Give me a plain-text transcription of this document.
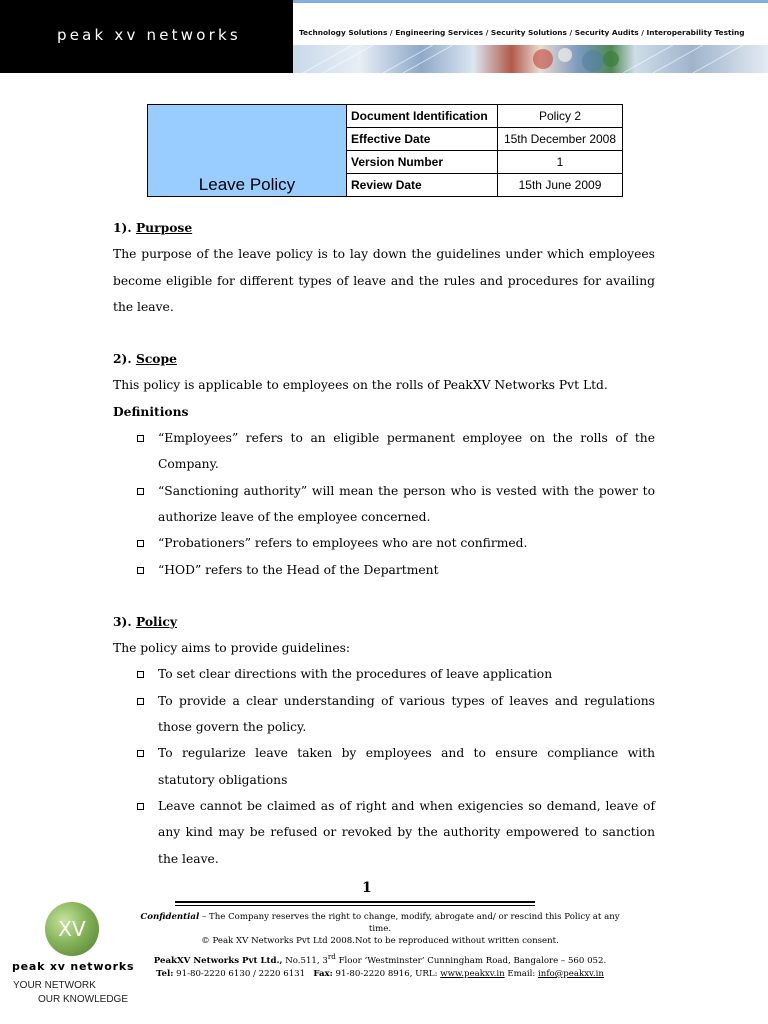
peak xv networks	Technology Solutions / Engineering Services / Security Solutions / Security Audits / Interoperability Testing
Leave Policy	Document Identification	Policy 2
	Effective Date	15th December 2008
	Version Number	1
	Review Date	15th June 2009

1). Purpose

The purpose of the leave policy is to lay down the guidelines under which employees become eligible for different types of leave and the rules and procedures for availing the leave.

2). Scope

This policy is applicable to employees on the rolls of PeakXV Networks Pvt Ltd.

Definitions

“Employees” refers to an eligible permanent employee on the rolls of the Company.
“Sanctioning authority” will mean the person who is vested with the power to authorize leave of the employee concerned.
“Probationers” refers to employees who are not confirmed.
“HOD” refers to the Head of the Department

3). Policy

The policy aims to provide guidelines:

To set clear directions with the procedures of leave application
To provide a clear understanding of various types of leaves and regulations those govern the policy.
To regularize leave taken by employees and to ensure compliance with statutory obligations
Leave cannot be claimed as of right and when exigencies so demand, leave of any kind may be refused or revoked by the authority empowered to sanction the leave.
1
Confidential – The Company reserves the right to change, modify, abrogate and/ or rescind this Policy at any time.
© Peak XV Networks Pvt Ltd 2008.Not to be reproduced without written consent.
PeakXV Networks Pvt Ltd., No.511, 3rd Floor ‘Westminster’ Cunningham Road, Bangalore – 560 052.
Tel: 91-80-2220 6130 / 2220 6131 Fax: 91-80-2220 8916, URL: www.peakxv.in Email: info@peakxv.in
XV
peak xv networks
YOUR NETWORK
OUR KNOWLEDGE
